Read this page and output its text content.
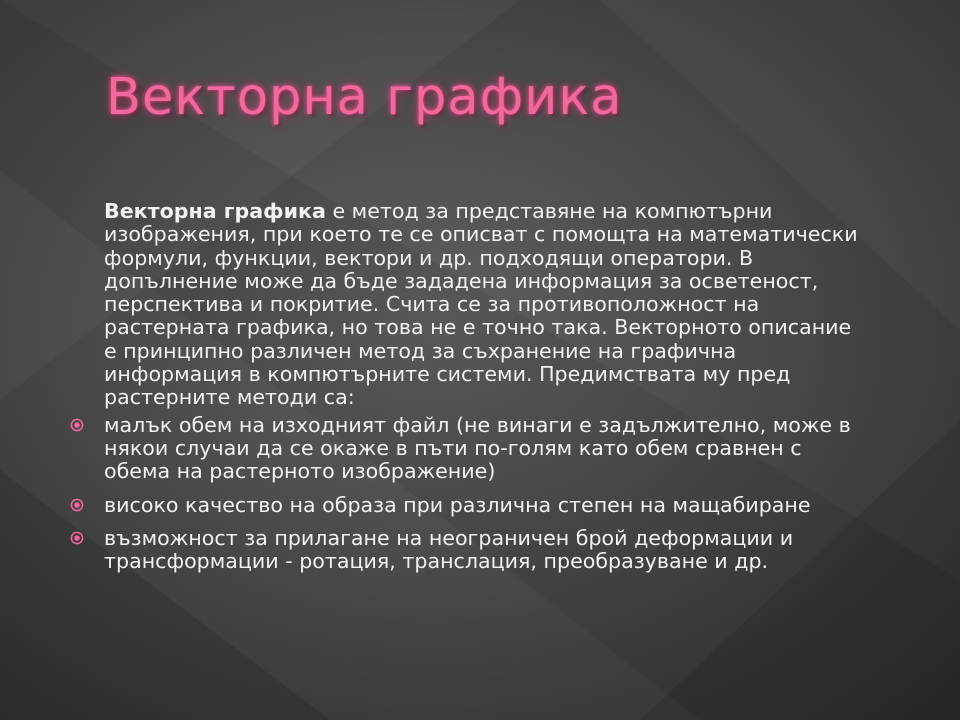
Векторна графика

Векторна графика е метод за представяне на компютърни изображения, при което те се описват с помощта на математически формули, функции, вектори и др. подходящи оператори. В допълнение може да бъде зададена информация за осветеност, перспектива и покритие. Счита се за противоположност на растерната графика, но това не е точно така. Векторното описание е принципно различен метод за съхранение на графична информация в компютърните системи. Предимствата му пред растерните методи са:

малък обем на изходният файл (не винаги е задължително, може в някои случаи да се окаже в пъти по-голям като обем сравнен с обема на растерното изображение)
високо качество на образа при различна степен на мащабиране
възможност за прилагане на неограничен брой деформации и трансформации - ротация, транслация, преобразуване и др.
